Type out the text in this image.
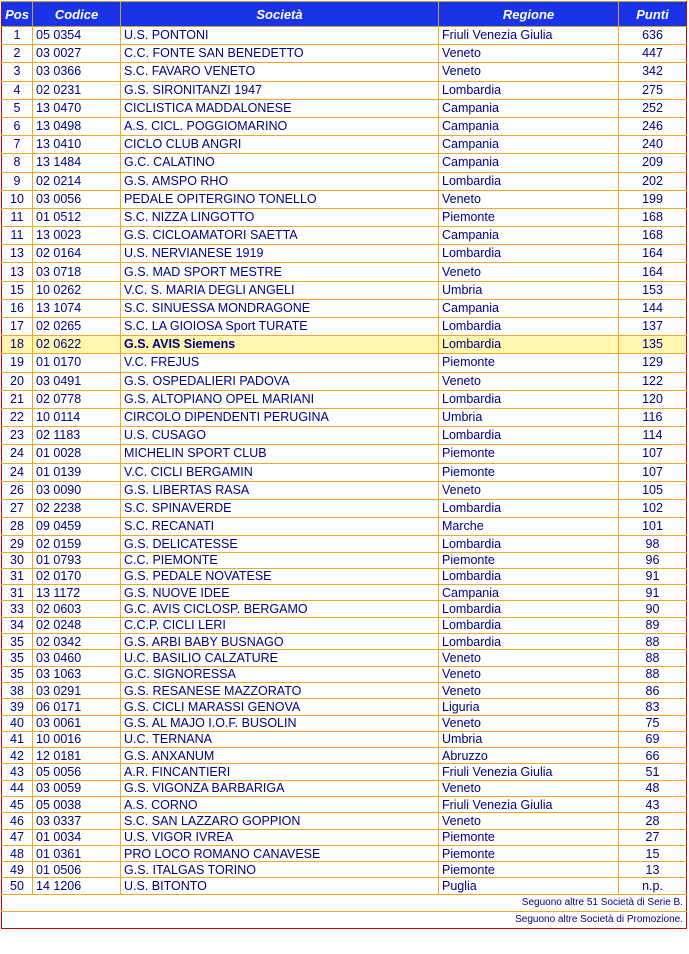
Pos	Codice	Società	Regione	Punti
1	05 0354	U.S. PONTONI	Friuli Venezia Giulia	636
2	03 0027	C.C. FONTE SAN BENEDETTO	Veneto	447
3	03 0366	S.C. FAVARO VENETO	Veneto	342
4	02 0231	G.S. SIRONITANZI 1947	Lombardia	275
5	13 0470	CICLISTICA MADDALONESE	Campania	252
6	13 0498	A.S. CICL. POGGIOMARINO	Campania	246
7	13 0410	CICLO CLUB ANGRI	Campania	240
8	13 1484	G.C. CALATINO	Campania	209
9	02 0214	G.S. AMSPO RHO	Lombardia	202
10	03 0056	PEDALE OPITERGINO TONELLO	Veneto	199
11	01 0512	S.C. NIZZA LINGOTTO	Piemonte	168
11	13 0023	G.S. CICLOAMATORI SAETTA	Campania	168
13	02 0164	U.S. NERVIANESE 1919	Lombardia	164
13	03 0718	G.S. MAD SPORT MESTRE	Veneto	164
15	10 0262	V.C. S. MARIA DEGLI ANGELI	Umbria	153
16	13 1074	S.C. SINUESSA MONDRAGONE	Campania	144
17	02 0265	S.C. LA GIOIOSA Sport TURATE	Lombardia	137
18	02 0622	G.S. AVIS Siemens	Lombardia	135
19	01 0170	V.C. FREJUS	Piemonte	129
20	03 0491	G.S. OSPEDALIERI PADOVA	Veneto	122
21	02 0778	G.S. ALTOPIANO OPEL MARIANI	Lombardia	120
22	10 0114	CIRCOLO DIPENDENTI PERUGINA	Umbria	116
23	02 1183	U.S. CUSAGO	Lombardia	114
24	01 0028	MICHELIN SPORT CLUB	Piemonte	107
24	01 0139	V.C. CICLI BERGAMIN	Piemonte	107
26	03 0090	G.S. LIBERTAS RASA	Veneto	105
27	02 2238	S.C. SPINAVERDE	Lombardia	102
28	09 0459	S.C. RECANATI	Marche	101
29	02 0159	G.S. DELICATESSE	Lombardia	98
30	01 0793	C.C. PIEMONTE	Piemonte	96
31	02 0170	G.S. PEDALE NOVATESE	Lombardia	91
31	13 1172	G.S. NUOVE IDEE	Campania	91
33	02 0603	G.C. AVIS CICLOSP. BERGAMO	Lombardia	90
34	02 0248	C.C.P. CICLI LERI	Lombardia	89
35	02 0342	G.S. ARBI BABY BUSNAGO	Lombardia	88
35	03 0460	U.C. BASILIO CALZATURE	Veneto	88
35	03 1063	G.C. SIGNORESSA	Veneto	88
38	03 0291	G.S. RESANESE MAZZORATO	Veneto	86
39	06 0171	G.S. CICLI MARASSI GENOVA	Liguria	83
40	03 0061	G.S. AL MAJO I.O.F. BUSOLIN	Veneto	75
41	10 0016	U.C. TERNANA	Umbria	69
42	12 0181	G.S. ANXANUM	Abruzzo	66
43	05 0056	A.R. FINCANTIERI	Friuli Venezia Giulia	51
44	03 0059	G.S. VIGONZA BARBARIGA	Veneto	48
45	05 0038	A.S. CORNO	Friuli Venezia Giulia	43
46	03 0337	S.C. SAN LAZZARO GOPPION	Veneto	28
47	01 0034	U.S. VIGOR IVREA	Piemonte	27
48	01 0361	PRO LOCO ROMANO CANAVESE	Piemonte	15
49	01 0506	G.S. ITALGAS TORINO	Piemonte	13
50	14 1206	U.S. BITONTO	Puglia	n.p.
Seguono altre 51 Società di Serie B.				
Seguono altre Società di Promozione.				
